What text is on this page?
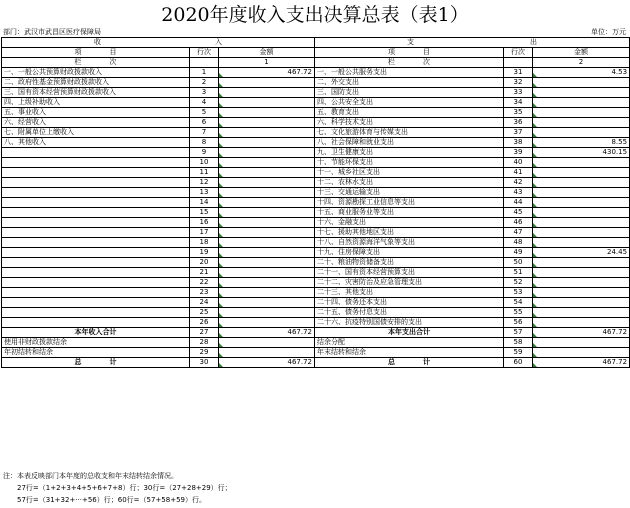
2020年度收入支出决算总表（表1）
部门：武汉市武昌区医疗保障局	单位：万元
收 入			支 出		

项　　　　目	行次	金额	项　　　　目	行次	金额
栏　　　　次		1	栏　　　　次		2
一、一般公共预算财政拨款收入	1	467.72	一、一般公共服务支出	31	4.53
二、政府性基金预算财政拨款收入	2		二、外交支出	32	
三、国有资本经营预算财政拨款收入	3		三、国防支出	33	
四、上级补助收入	4		四、公共安全支出	34	
五、事业收入	5		五、教育支出	35	
六、经营收入	6		六、科学技术支出	36	
七、附属单位上缴收入	7		七、文化旅游体育与传媒支出	37	
八、其他收入	8		八、社会保障和就业支出	38	8.55
	9		九、卫生健康支出	39	430.15
	10		十、节能环保支出	40	
	11		十一、城乡社区支出	41	
	12		十二、农林水支出	42	
	13		十三、交通运输支出	43	
	14		十四、资源勘探工业信息等支出	44	
	15		十五、商业服务业等支出	45	
	16		十六、金融支出	46	
	17		十七、援助其他地区支出	47	
	18		十八、自然资源海洋气象等支出	48	
	19		十九、住房保障支出	49	24.45
	20		二十、粮油物资储备支出	50	
	21		二十一、国有资本经营预算支出	51	
	22		二十二、灾害防治及应急管理支出	52	
	23		二十三、其他支出	53	
	24		二十四、债务还本支出	54	
	25		二十五、债务付息支出	55	
	26		二十六、抗疫特别国债安排的支出	56	
本年收入合计	27	467.72	本年支出合计	57	467.72
使用非财政拨款结余	28		结余分配	58	
年初结转和结余	29		年末结转和结余	59	
总　　　　计	30	467.72	总　　　　计	60	467.72
注：本表反映部门本年度的总收支和年末结转结余情况。
27行=（1+2+3+4+5+6+7+8）行；30行=（27+28+29）行；
57行=（31+32+···+56）行；60行=（57+58+59）行。
